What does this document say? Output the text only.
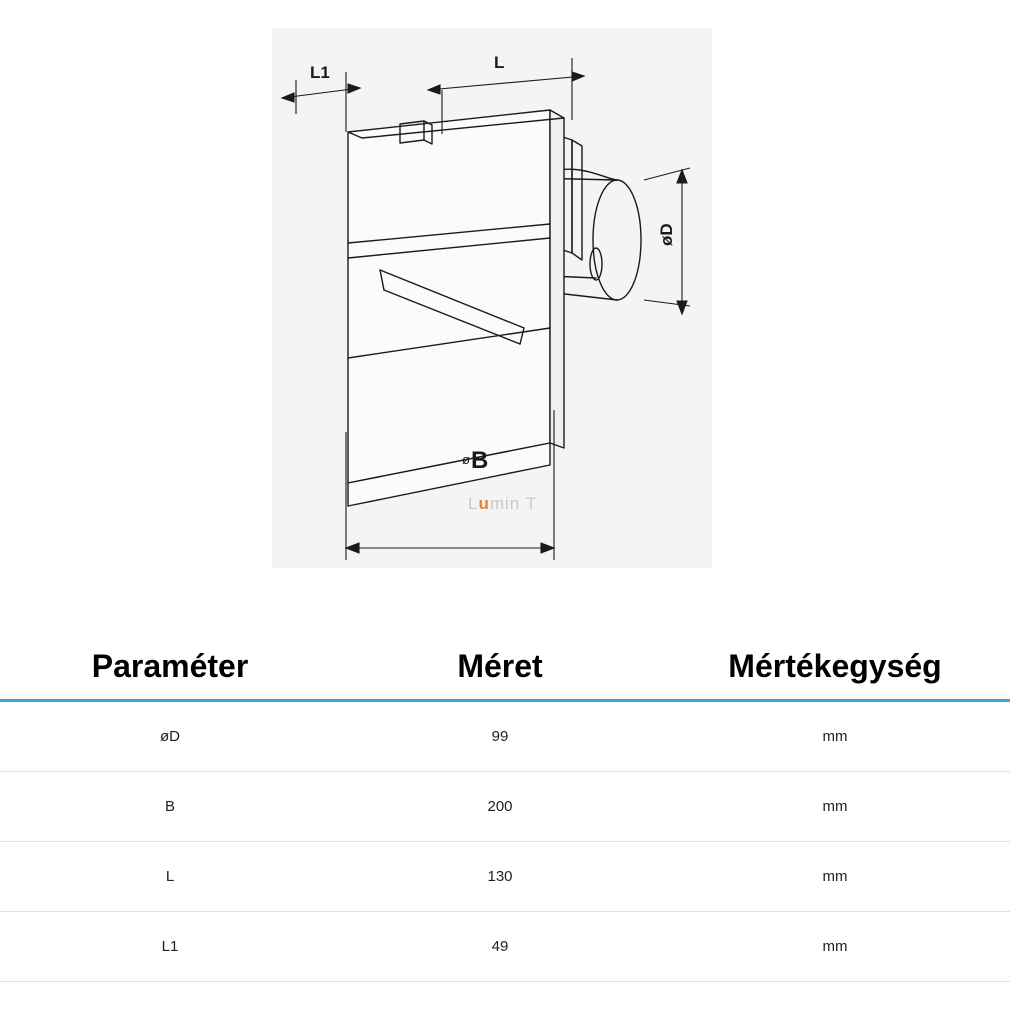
L1
L
øD
ø B
Lumin T
Paraméter	Méret	Mértékegység
øD	99	mm
B	200	mm
L	130	mm
L1	49	mm
